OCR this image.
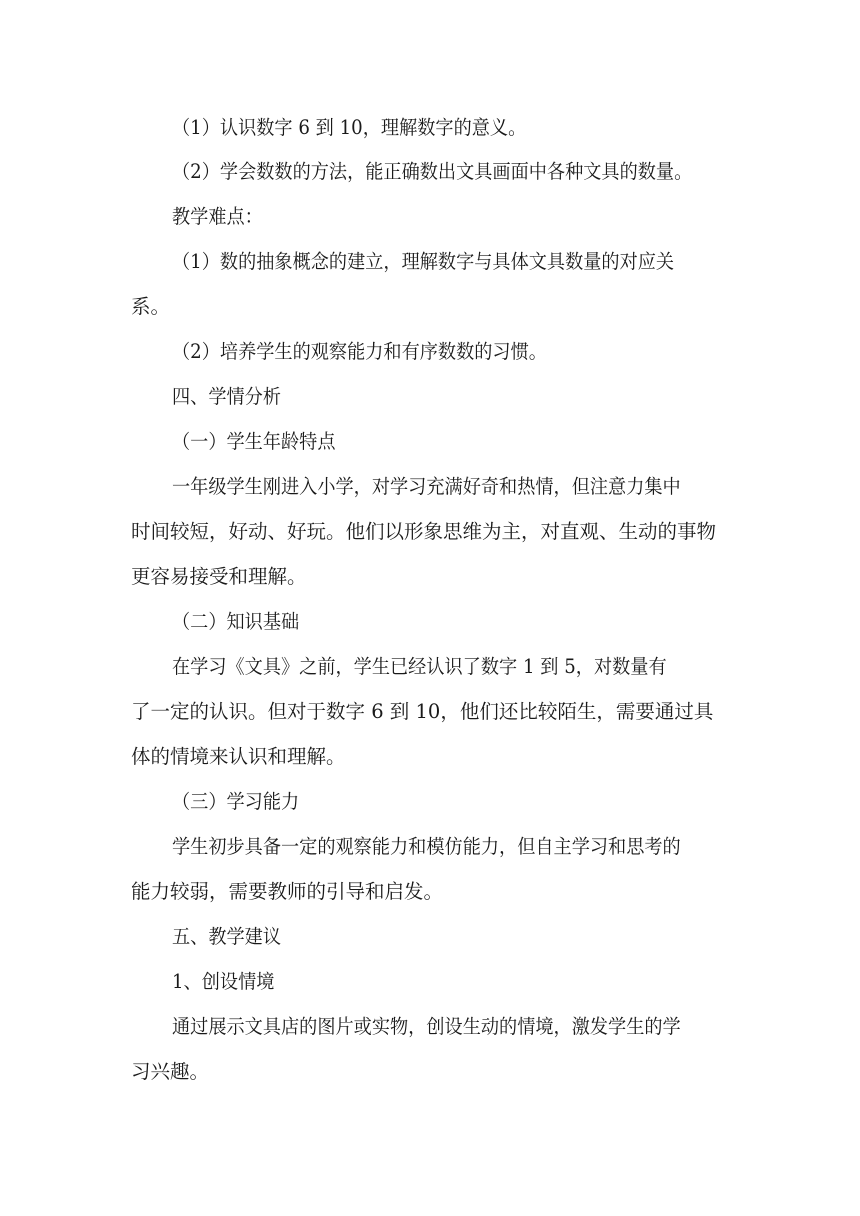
（1）认识数字 6 到 10，理解数字的意义。
（2）学会数数的方法，能正确数出文具画面中各种文具的数量。
教学难点：
（1）数的抽象概念的建立，理解数字与具体文具数量的对应关
系。
（2）培养学生的观察能力和有序数数的习惯。
四、学情分析
（一）学生年龄特点
一年级学生刚进入小学，对学习充满好奇和热情，但注意力集中
时间较短，好动、好玩。他们以形象思维为主，对直观、生动的事物
更容易接受和理解。
（二）知识基础
在学习《文具》之前，学生已经认识了数字 1 到 5，对数量有
了一定的认识。但对于数字 6 到 10，他们还比较陌生，需要通过具
体的情境来认识和理解。
（三）学习能力
学生初步具备一定的观察能力和模仿能力，但自主学习和思考的
能力较弱，需要教师的引导和启发。
五、教学建议
1、创设情境
通过展示文具店的图片或实物，创设生动的情境，激发学生的学
习兴趣。
